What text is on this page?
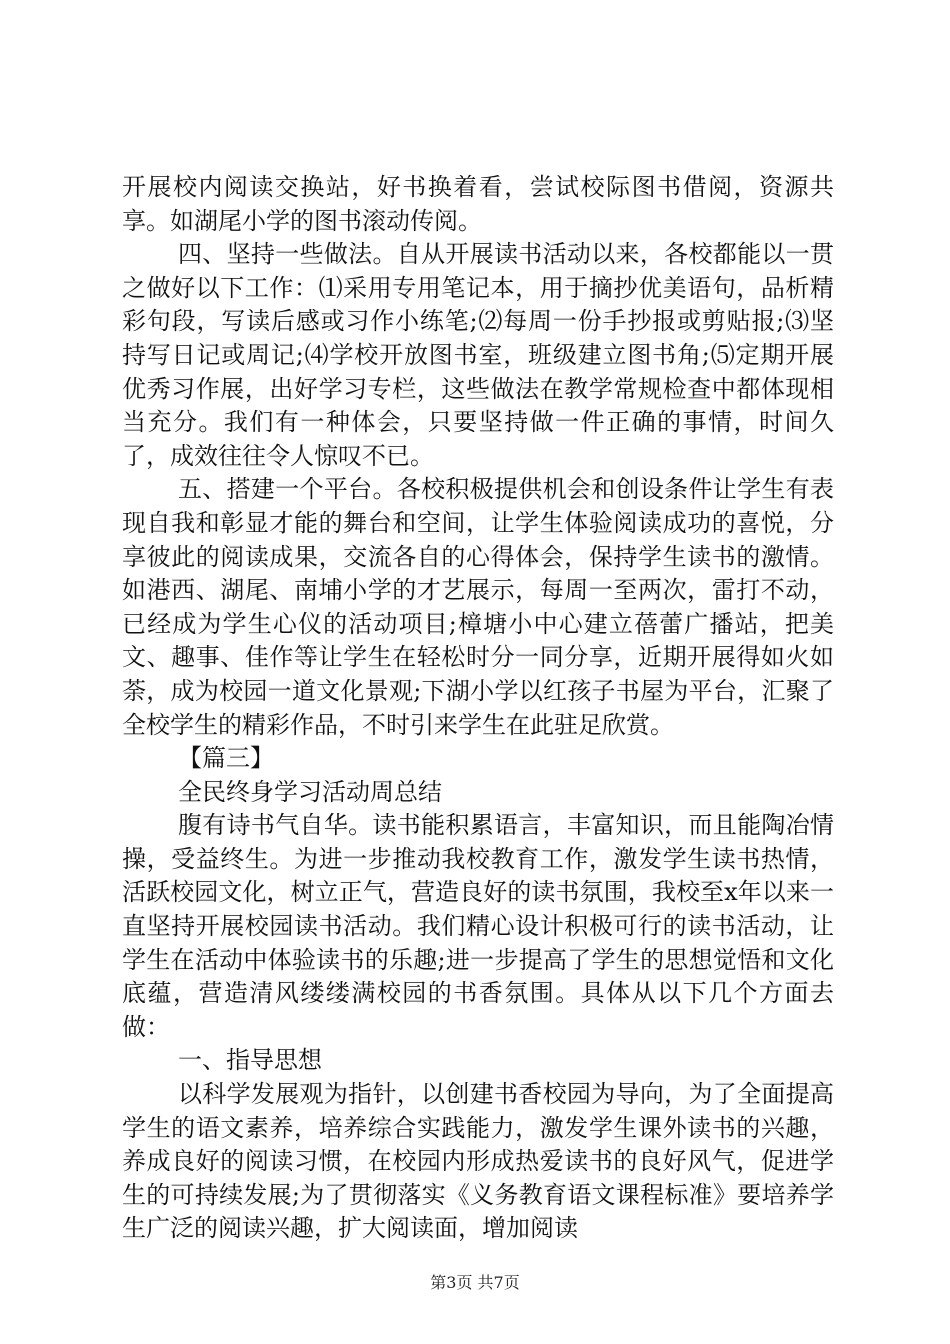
开展校内阅读交换站，好书换着看，尝试校际图书借阅，资源共享。如湖尾小学的图书滚动传阅。

四、坚持一些做法。自从开展读书活动以来，各校都能以一贯之做好以下工作：⑴采用专用笔记本，用于摘抄优美语句，品析精彩句段，写读后感或习作小练笔;⑵每周一份手抄报或剪贴报;⑶坚持写日记或周记;⑷学校开放图书室，班级建立图书角;⑸定期开展优秀习作展，出好学习专栏，这些做法在教学常规检查中都体现相当充分。我们有一种体会，只要坚持做一件正确的事情，时间久了，成效往往令人惊叹不已。

五、搭建一个平台。各校积极提供机会和创设条件让学生有表现自我和彰显才能的舞台和空间，让学生体验阅读成功的喜悦，分享彼此的阅读成果，交流各自的心得体会，保持学生读书的激情。如港西、湖尾、南埔小学的才艺展示，每周一至两次，雷打不动，已经成为学生心仪的活动项目;樟塘小中心建立蓓蕾广播站，把美文、趣事、佳作等让学生在轻松时分一同分享，近期开展得如火如荼，成为校园一道文化景观;下湖小学以红孩子书屋为平台，汇聚了全校学生的精彩作品，不时引来学生在此驻足欣赏。

【篇三】

全民终身学习活动周总结

腹有诗书气自华。读书能积累语言，丰富知识，而且能陶冶情操，受益终生。为进一步推动我校教育工作，激发学生读书热情，活跃校园文化，树立正气，营造良好的读书氛围，我校至x年以来一直坚持开展校园读书活动。我们精心设计积极可行的读书活动，让学生在活动中体验读书的乐趣;进一步提高了学生的思想觉悟和文化底蕴，营造清风缕缕满校园的书香氛围。具体从以下几个方面去做：

一、指导思想

以科学发展观为指针，以创建书香校园为导向，为了全面提高学生的语文素养，培养综合实践能力，激发学生课外读书的兴趣，养成良好的阅读习惯，在校园内形成热爱读书的良好风气，促进学生的可持续发展;为了贯彻落实《义务教育语文课程标准》要培养学生广泛的阅读兴趣，扩大阅读面，增加阅读

第3页 共7页
